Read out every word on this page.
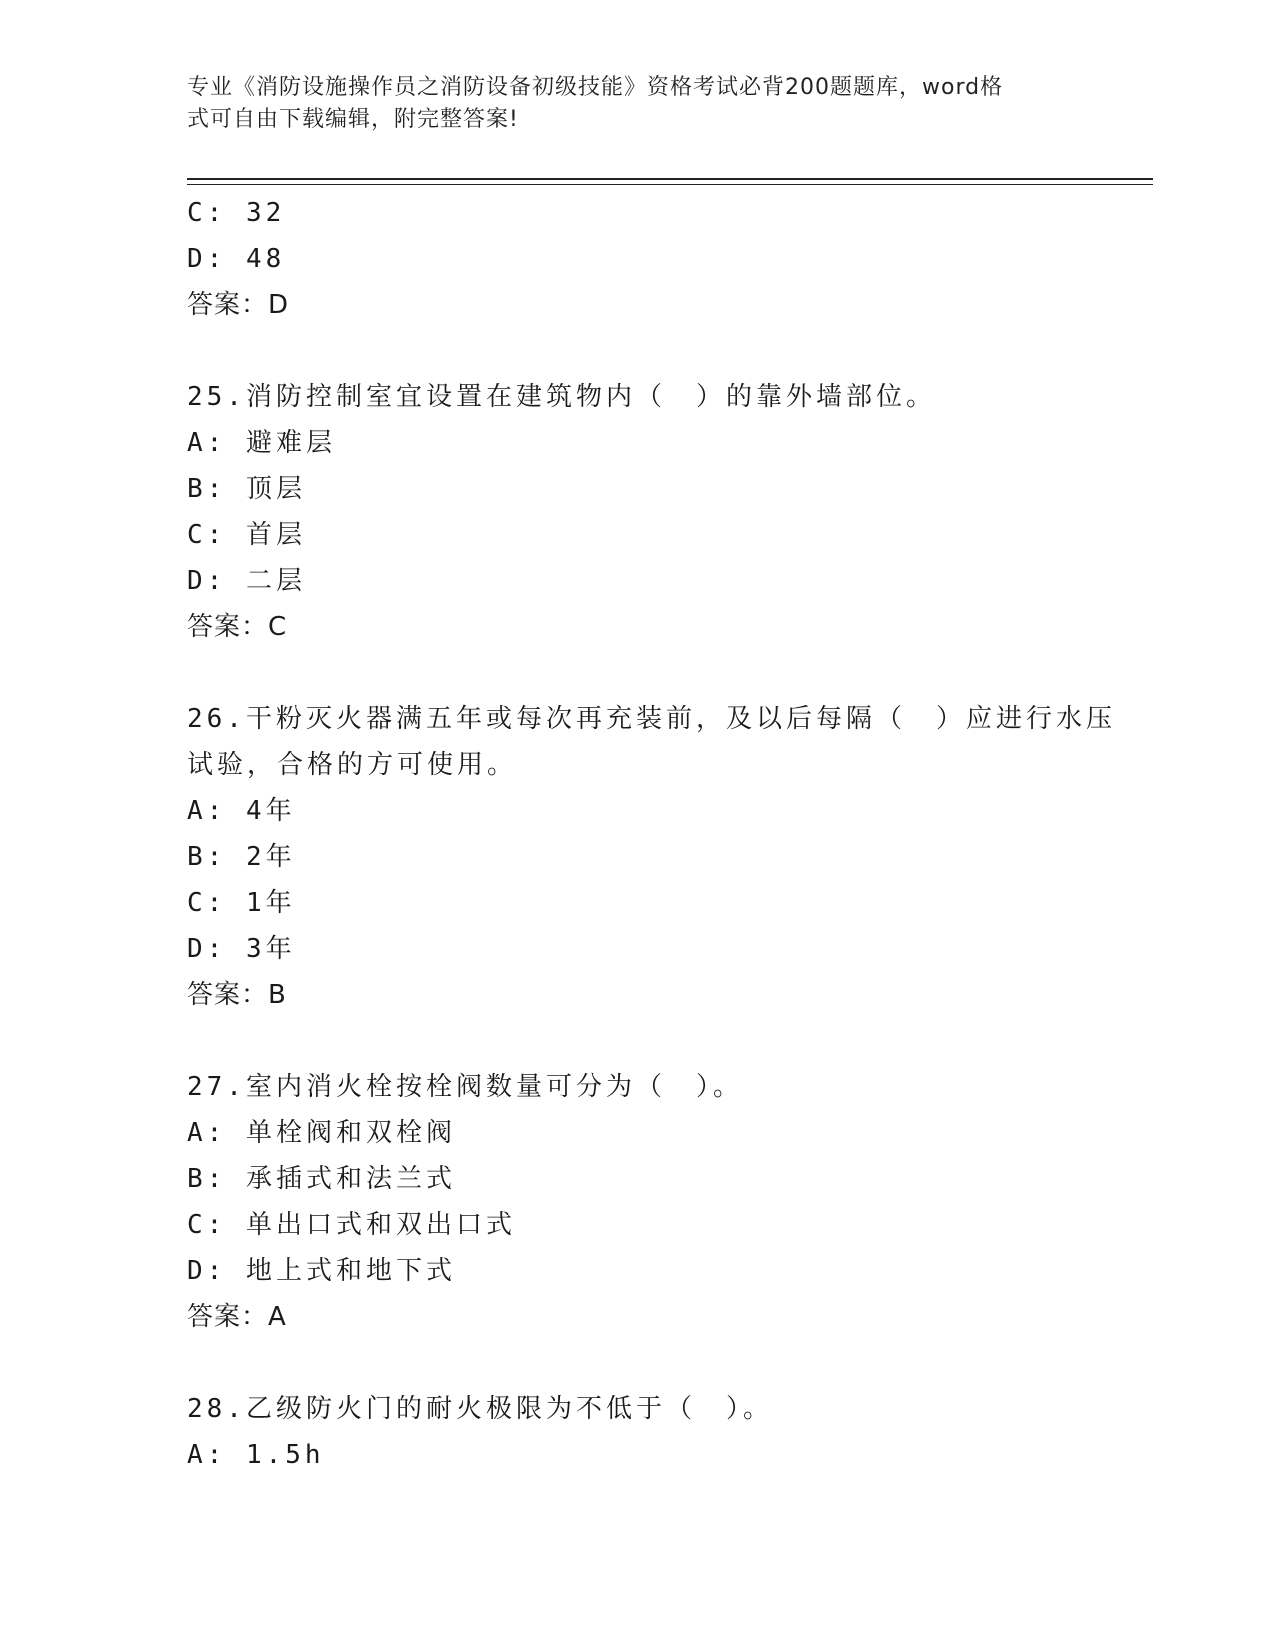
专业《消防设施操作员之消防设备初级技能》资格考试必背200题题库，word格
式可自由下载编辑，附完整答案!
C: 32
D: 48
答案：D
25.消防控制室宜设置在建筑物内（　）的靠外墙部位。
A: 避难层
B: 顶层
C: 首层
D: 二层
答案：C
26.干粉灭火器满五年或每次再充装前，及以后每隔（　）应进行水压
试验，合格的方可使用。
A: 4年
B: 2年
C: 1年
D: 3年
答案：B
27.室内消火栓按栓阀数量可分为（　）。
A: 单栓阀和双栓阀
B: 承插式和法兰式
C: 单出口式和双出口式
D: 地上式和地下式
答案：A
28.乙级防火门的耐火极限为不低于（　）。
A: 1.5h
